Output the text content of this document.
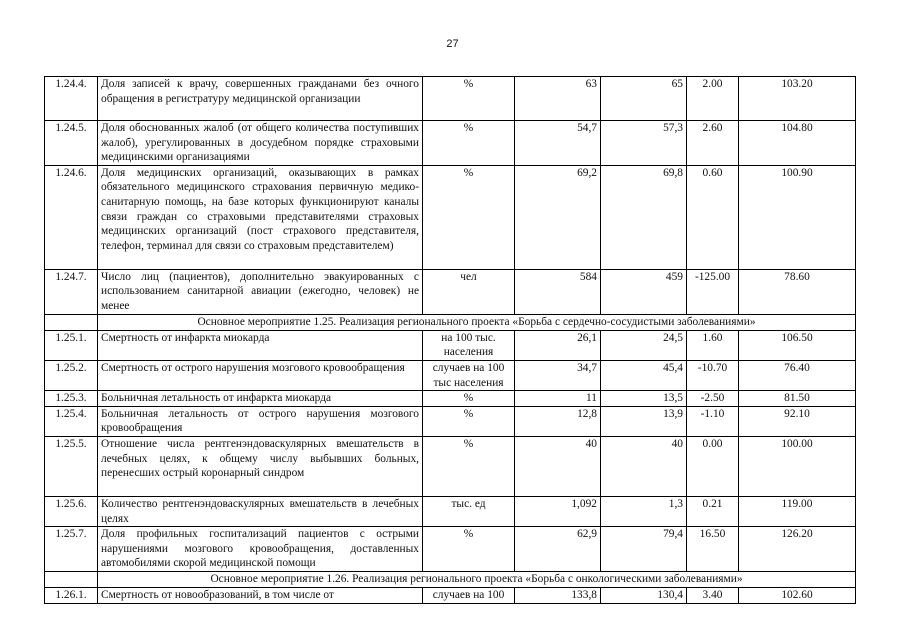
27
1.24.4.	Доля записей к врачу, совершенных гражданами без очного обращения в регистратуру медицинской организации	%	63	65	2.00	103.20
1.24.5.	Доля обоснованных жалоб (от общего количества поступивших жалоб), урегулированных в досудебном порядке страховыми медицинскими организациями	%	54,7	57,3	2.60	104.80
1.24.6.	Доля медицинских организаций, оказывающих в рамках обязательного медицинского страхования первичную медико-санитарную помощь, на базе которых функционируют каналы связи граждан со страховыми представителями страховых медицинских организаций (пост страхового представителя, телефон, терминал для связи со страховым представителем)	%	69,2	69,8	0.60	100.90
1.24.7.	Число лиц (пациентов), дополнительно эвакуированных с использованием санитарной авиации (ежегодно, человек) не менее	чел	584	459	-125.00	78.60
	Основное мероприятие 1.25. Реализация регионального проекта «Борьба с сердечно-сосудистыми заболеваниями»					
1.25.1.	Смертность от инфаркта миокарда	на 100 тыс. населения	26,1	24,5	1.60	106.50
1.25.2.	Смертность от острого нарушения мозгового кровообращения	случаев на 100 тыс населения	34,7	45,4	-10.70	76.40
1.25.3.	Больничная летальность от инфаркта миокарда	%	11	13,5	-2.50	81.50
1.25.4.	Больничная летальность от острого нарушения мозгового кровообращения	%	12,8	13,9	-1.10	92.10
1.25.5.	Отношение числа рентгенэндоваскулярных вмешательств в лечебных целях, к общему числу выбывших больных, перенесших острый коронарный синдром	%	40	40	0.00	100.00
1.25.6.	Количество рентгенэндоваскулярных вмешательств в лечебных целях	тыс. ед	1,092	1,3	0.21	119.00
1.25.7.	Доля профильных госпитализаций пациентов с острыми нарушениями мозгового кровообращения, доставленных автомобилями скорой медицинской помощи	%	62,9	79,4	16.50	126.20
	Основное мероприятие 1.26. Реализация регионального проекта «Борьба с онкологическими заболеваниями»					
1.26.1.	Смертность от новообразований, в том числе от	случаев на 100	133,8	130,4	3.40	102.60
